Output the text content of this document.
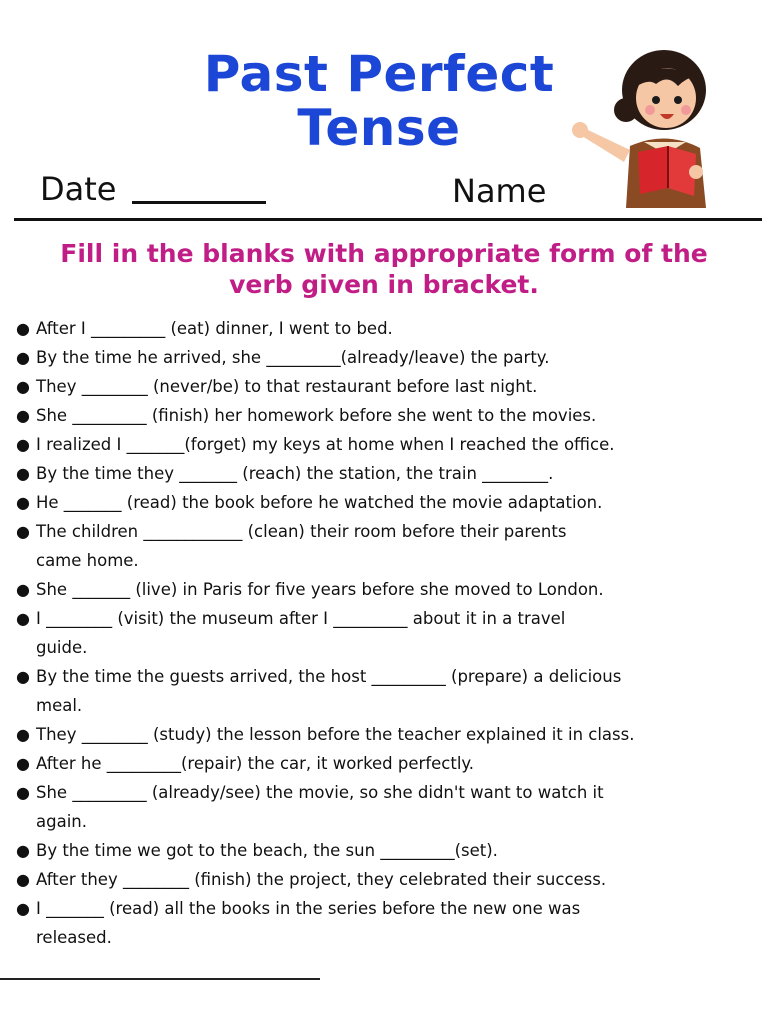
Past Perfect
Tense
Date	Name
Fill in the blanks with appropriate form of the
verb given in bracket.
● After I _________ (eat) dinner, I went to bed.
● By the time he arrived, she _________(already/leave) the party.
● They ________ (never/be) to that restaurant before last night.
● She _________ (finish) her homework before she went to the movies.
● I realized I _______(forget) my keys at home when I reached the office.
● By the time they _______ (reach) the station, the train ________.
● He _______ (read) the book before he watched the movie adaptation.
● The children ____________ (clean) their room before their parents
came home.
● She _______ (live) in Paris for five years before she moved to London.
● I ________ (visit) the museum after I _________ about it in a travel
guide.
● By the time the guests arrived, the host _________ (prepare) a delicious
meal.
● They ________ (study) the lesson before the teacher explained it in class.
● After he _________(repair) the car, it worked perfectly.
● She _________ (already/see) the movie, so she didn't want to watch it
again.
● By the time we got to the beach, the sun _________(set).
● After they ________ (finish) the project, they celebrated their success.
● I _______ (read) all the books in the series before the new one was
released.
